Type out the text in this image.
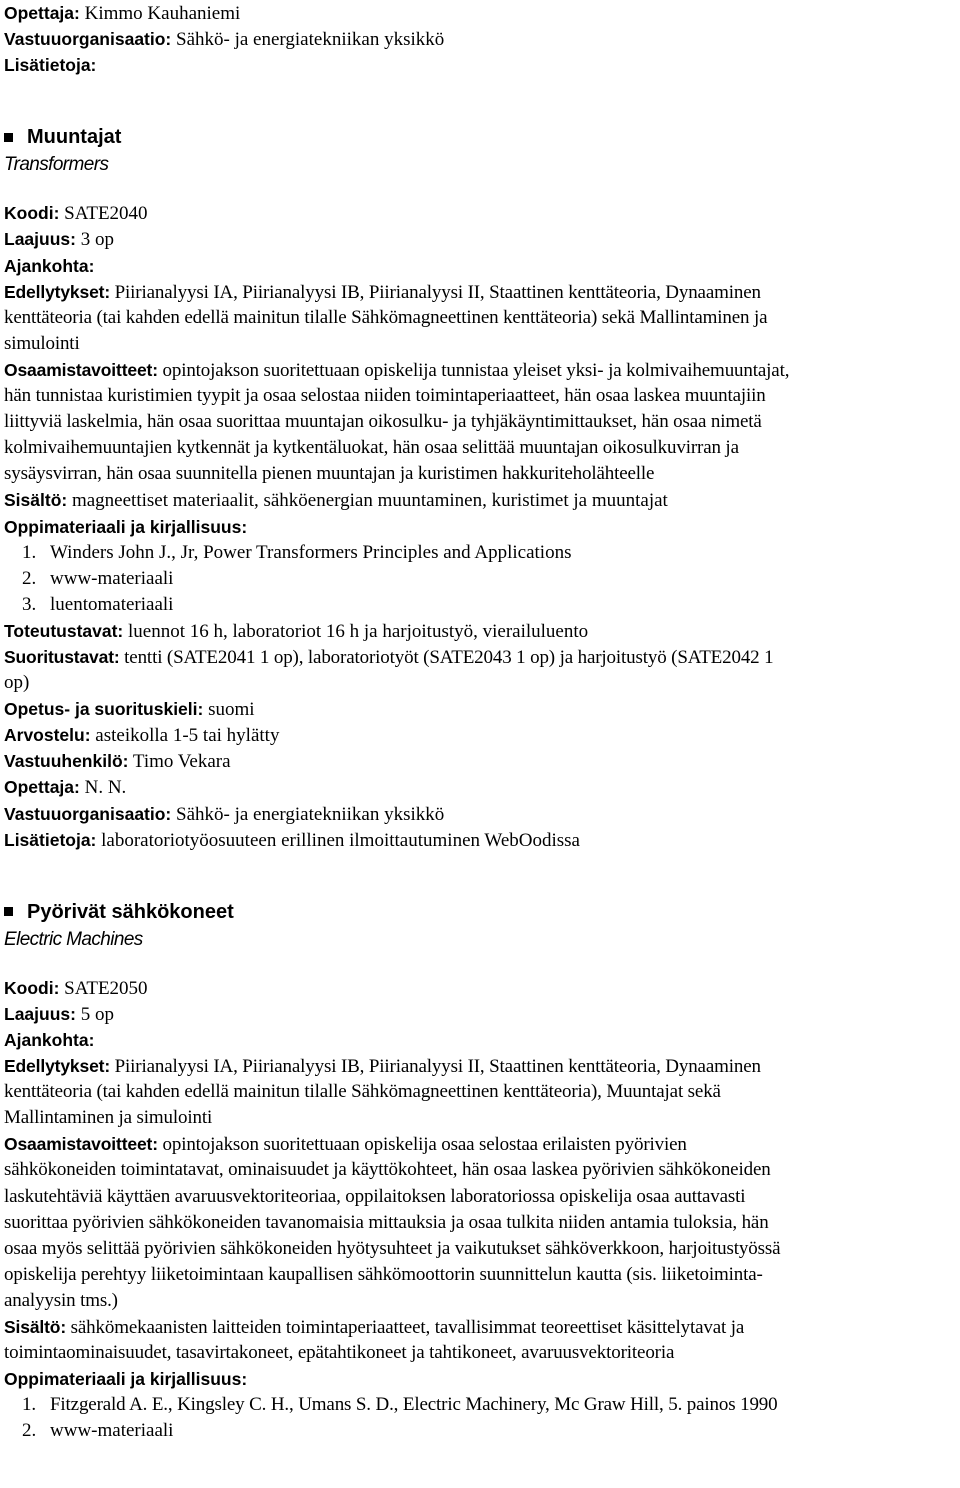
Opettaja: Kimmo Kauhaniemi
Vastuuorganisaatio: Sähkö- ja energiatekniikan yksikkö
Lisätietoja:
Muuntajat
Transformers
Koodi: SATE2040
Laajuus: 3 op
Ajankohta:
Edellytykset: Piirianalyysi IA, Piirianalyysi IB, Piirianalyysi II, Staattinen kenttäteoria, Dynaaminen
kenttäteoria (tai kahden edellä mainitun tilalle Sähkömagneettinen kenttäteoria) sekä Mallintaminen ja
simulointi
Osaamistavoitteet: opintojakson suoritettuaan opiskelija tunnistaa yleiset yksi- ja kolmivaihemuuntajat,
hän tunnistaa kuristimien tyypit ja osaa selostaa niiden toimintaperiaatteet, hän osaa laskea muuntajiin
liittyviä laskelmia, hän osaa suorittaa muuntajan oikosulku- ja tyhjäkäyntimittaukset, hän osaa nimetä
kolmivaihemuuntajien kytkennät ja kytkentäluokat, hän osaa selittää muuntajan oikosulkuvirran ja
sysäysvirran, hän osaa suunnitella pienen muuntajan ja kuristimen hakkuriteholähteelle
Sisältö: magneettiset materiaalit, sähköenergian muuntaminen, kuristimet ja muuntajat
Oppimateriaali ja kirjallisuus:
1. Winders John J., Jr, Power Transformers Principles and Applications
2. www-materiaali
3. luentomateriaali
Toteutustavat: luennot 16 h, laboratoriot 16 h ja harjoitustyö, vierailuluento
Suoritustavat: tentti (SATE2041 1 op), laboratoriotyöt (SATE2043 1 op) ja harjoitustyö (SATE2042 1
op)
Opetus- ja suorituskieli: suomi
Arvostelu: asteikolla 1-5 tai hylätty
Vastuuhenkilö: Timo Vekara
Opettaja: N. N.
Vastuuorganisaatio: Sähkö- ja energiatekniikan yksikkö
Lisätietoja: laboratoriotyöosuuteen erillinen ilmoittautuminen WebOodissa
Pyörivät sähkökoneet
Electric Machines
Koodi: SATE2050
Laajuus: 5 op
Ajankohta:
Edellytykset: Piirianalyysi IA, Piirianalyysi IB, Piirianalyysi II, Staattinen kenttäteoria, Dynaaminen
kenttäteoria (tai kahden edellä mainitun tilalle Sähkömagneettinen kenttäteoria), Muuntajat sekä
Mallintaminen ja simulointi
Osaamistavoitteet: opintojakson suoritettuaan opiskelija osaa selostaa erilaisten pyörivien
sähkökoneiden toimintatavat, ominaisuudet ja käyttökohteet, hän osaa laskea pyörivien sähkökoneiden
laskutehtäviä käyttäen avaruusvektoriteoriaa, oppilaitoksen laboratoriossa opiskelija osaa auttavasti
suorittaa pyörivien sähkökoneiden tavanomaisia mittauksia ja osaa tulkita niiden antamia tuloksia, hän
osaa myös selittää pyörivien sähkökoneiden hyötysuhteet ja vaikutukset sähköverkkoon, harjoitustyössä
opiskelija perehtyy liiketoimintaan kaupallisen sähkömoottorin suunnittelun kautta (sis. liiketoiminta-
analyysin tms.)
Sisältö: sähkömekaanisten laitteiden toimintaperiaatteet, tavallisimmat teoreettiset käsittelytavat ja
toimintaominaisuudet, tasavirtakoneet, epätahtikoneet ja tahtikoneet, avaruusvektoriteoria
Oppimateriaali ja kirjallisuus:
1. Fitzgerald A. E., Kingsley C. H., Umans S. D., Electric Machinery, Mc Graw Hill, 5. painos 1990
2. www-materiaali
